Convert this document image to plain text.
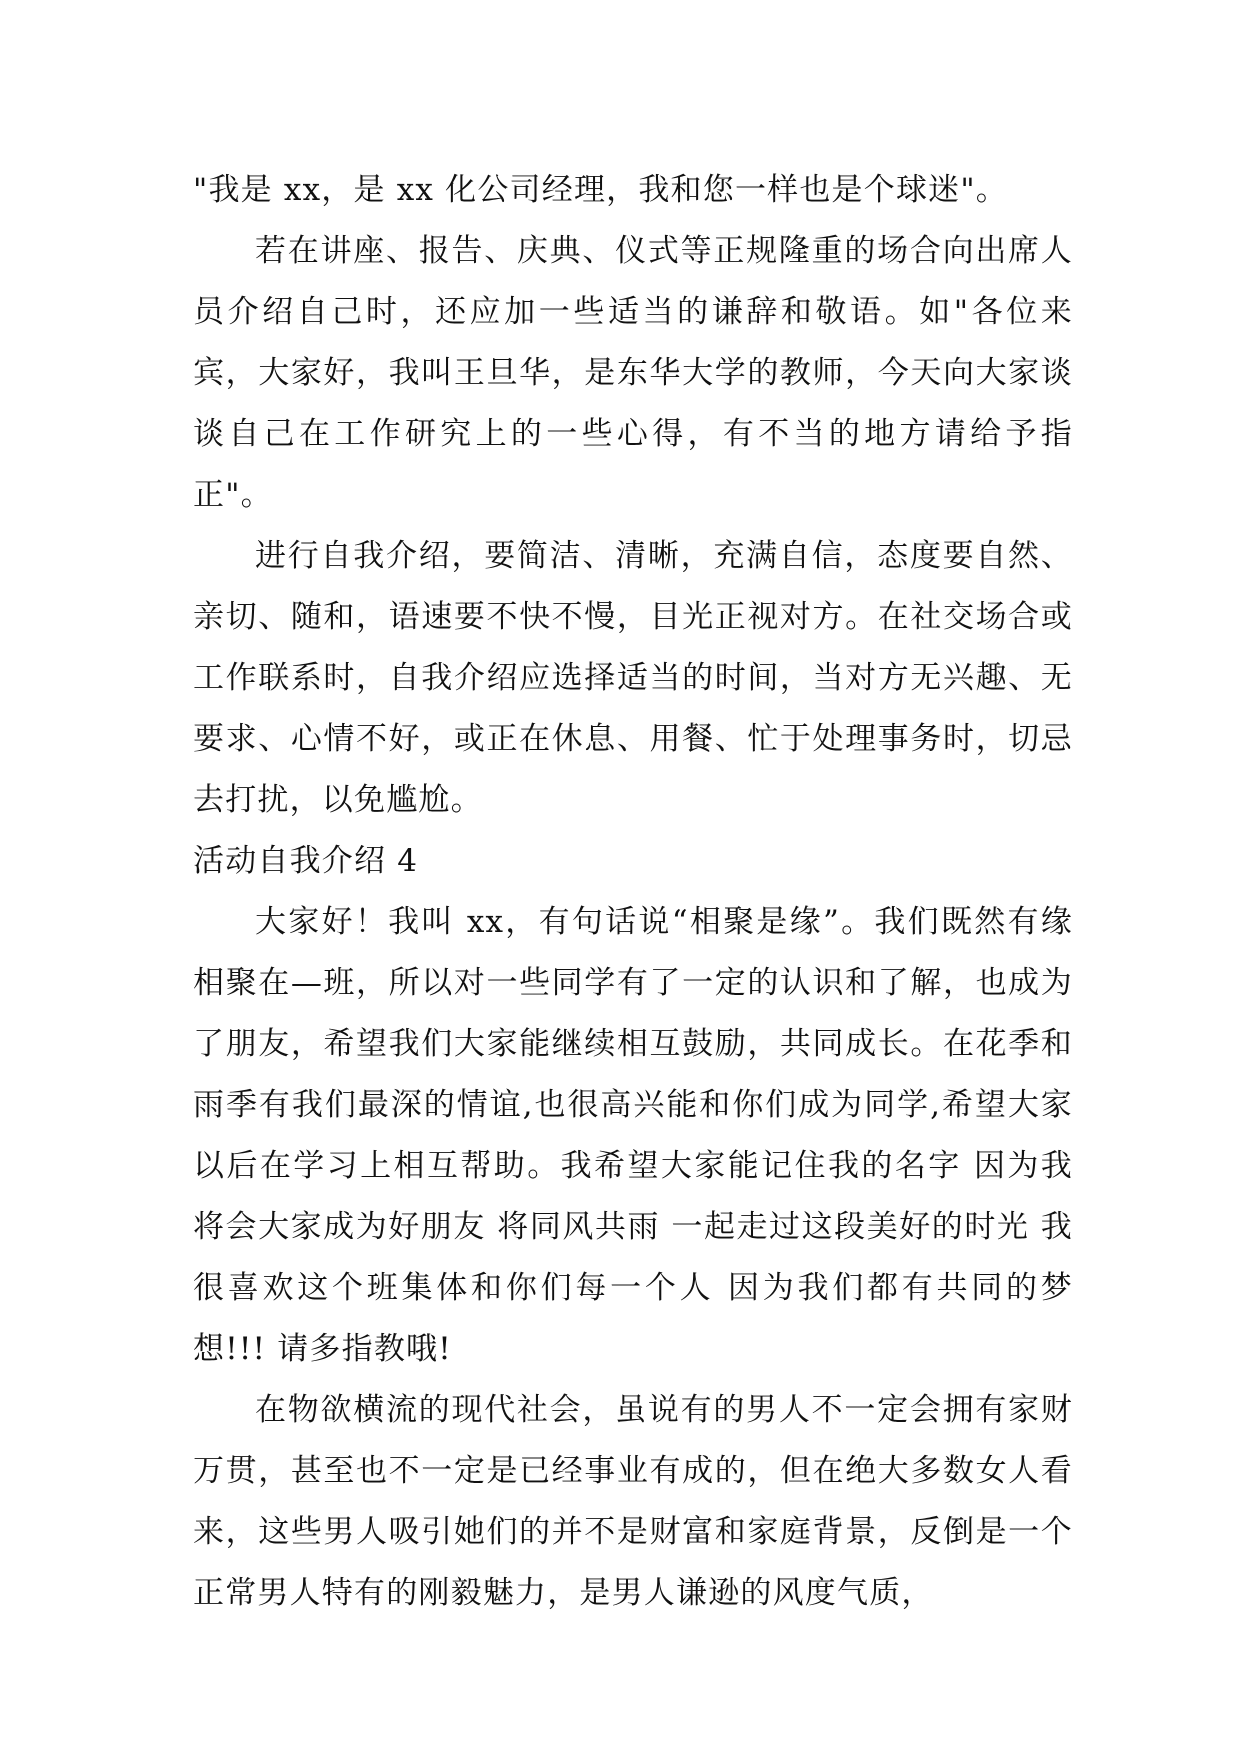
"我是 xx，是 xx 化公司经理，我和您一样也是个球迷"。

若在讲座、报告、庆典、仪式等正规隆重的场合向出席人员介绍自己时，还应加一些适当的谦辞和敬语。如"各位来宾，大家好，我叫王旦华，是东华大学的教师，今天向大家谈谈自己在工作研究上的一些心得，有不当的地方请给予指正"。

进行自我介绍，要简洁、清晰，充满自信，态度要自然、亲切、随和，语速要不快不慢，目光正视对方。在社交场合或工作联系时，自我介绍应选择适当的时间，当对方无兴趣、无要求、心情不好，或正在休息、用餐、忙于处理事务时，切忌去打扰，以免尴尬。

活动自我介绍 4

大家好！我叫 xx，有句话说“相聚是缘”。我们既然有缘相聚在—班，所以对一些同学有了一定的认识和了解，也成为了朋友，希望我们大家能继续相互鼓励，共同成长。在花季和雨季有我们最深的情谊,也很高兴能和你们成为同学,希望大家以后在学习上相互帮助。我希望大家能记住我的名字 因为我将会大家成为好朋友 将同风共雨 一起走过这段美好的时光 我很喜欢这个班集体和你们每一个人 因为我们都有共同的梦想!!! 请多指教哦!

在物欲横流的现代社会，虽说有的男人不一定会拥有家财万贯，甚至也不一定是已经事业有成的，但在绝大多数女人看来，这些男人吸引她们的并不是财富和家庭背景，反倒是一个正常男人特有的刚毅魅力，是男人谦逊的风度气质，
